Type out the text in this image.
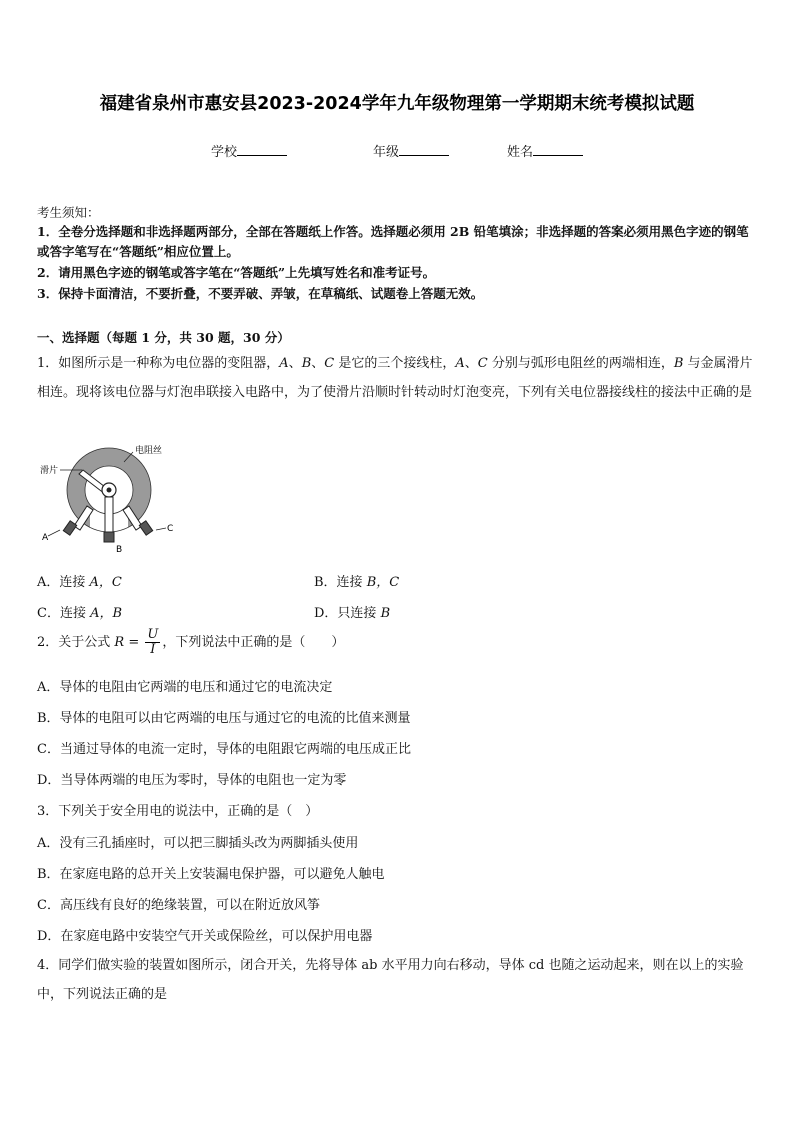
福建省泉州市惠安县2023-2024学年九年级物理第一学期期末统考模拟试题
学校	年级	姓名
考生须知：
1．全卷分选择题和非选择题两部分，全部在答题纸上作答。选择题必须用 2B 铅笔填涂；非选择题的答案必须用黑色字迹的钢笔或答字笔写在“答题纸”相应位置上。
2．请用黑色字迹的钢笔或答字笔在“答题纸”上先填写姓名和准考证号。
3．保持卡面清洁，不要折叠，不要弄破、弄皱，在草稿纸、试题卷上答题无效。
一、选择题（每题 1 分，共 30 题，30 分）
1．如图所示是一种称为电位器的变阻器，A、B、C 是它的三个接线柱，A、C 分别与弧形电阻丝的两端相连，B 与金属滑片相连。现将该电位器与灯泡串联接入电路中，为了使滑片沿顺时针转动时灯泡变亮，下列有关电位器接线柱的接法中正确的是
电阻丝
滑片
A
B
C
A．连接 A，C	B．连接 B，C
C．连接 A，B	D．只连接 B
2．关于公式 $R = \frac{U}{I}$ ，下列说法中正确的是（　　）
A．导体的电阻由它两端的电压和通过它的电流决定
B．导体的电阻可以由它两端的电压与通过它的电流的比值来测量
C．当通过导体的电流一定时，导体的电阻跟它两端的电压成正比
D．当导体两端的电压为零时，导体的电阻也一定为零
3．下列关于安全用电的说法中，正确的是（　）
A．没有三孔插座时，可以把三脚插头改为两脚插头使用
B．在家庭电路的总开关上安装漏电保护器，可以避免人触电
C．高压线有良好的绝缘装置，可以在附近放风筝
D．在家庭电路中安装空气开关或保险丝，可以保护用电器
4．同学们做实验的装置如图所示，闭合开关，先将导体 ab 水平用力向右移动，导体 cd 也随之运动起来，则在以上的实验中，下列说法正确的是
